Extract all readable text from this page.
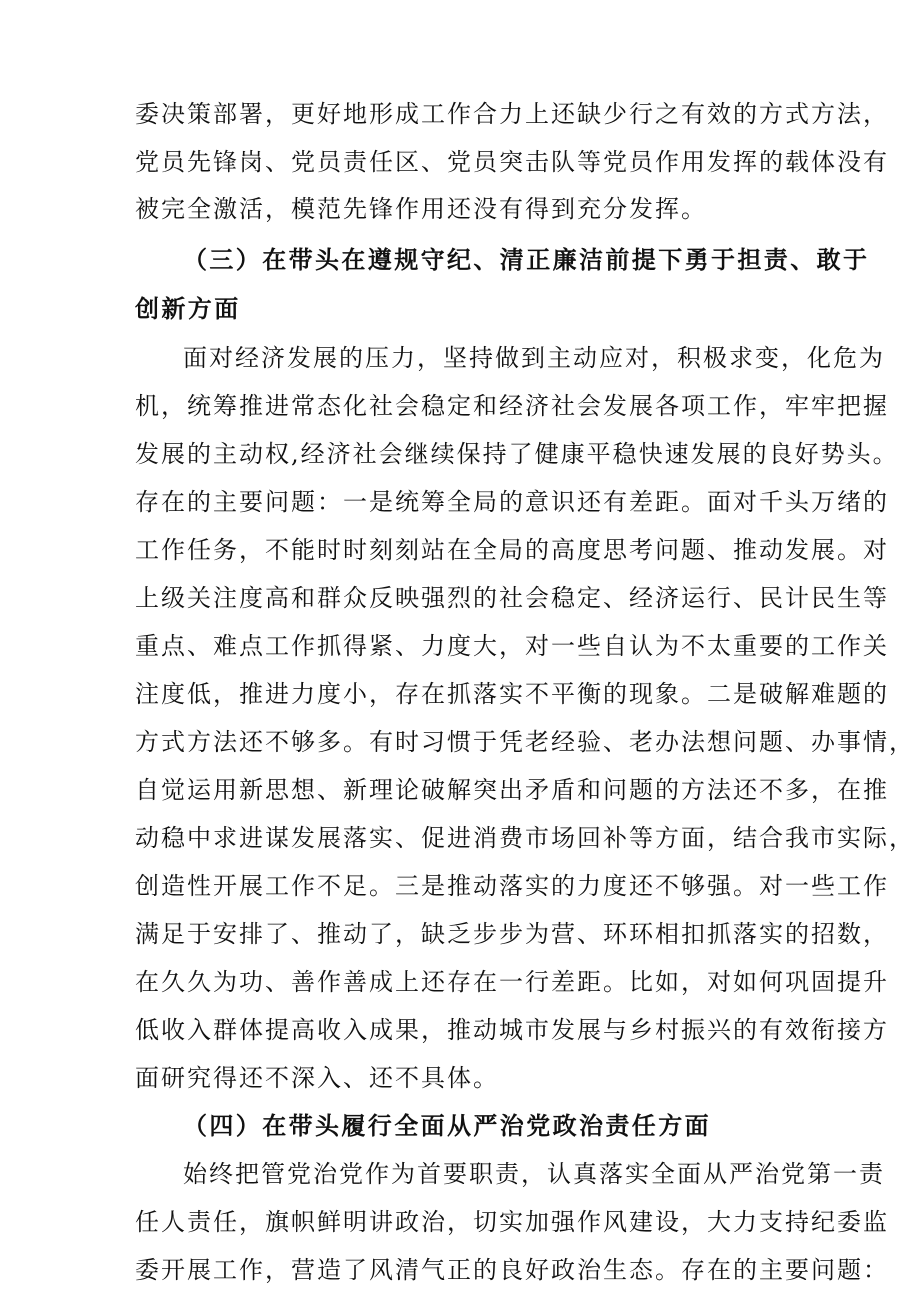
委决策部署，更好地形成工作合力上还缺少行之有效的方式方法，
党员先锋岗、党员责任区、党员突击队等党员作用发挥的载体没有
被完全激活，模范先锋作用还没有得到充分发挥。
（三）在带头在遵规守纪、清正廉洁前提下勇于担责、敢于
创新方面
面对经济发展的压力，坚持做到主动应对，积极求变，化危为
机，统筹推进常态化社会稳定和经济社会发展各项工作，牢牢把握
发展的主动权,经济社会继续保持了健康平稳快速发展的良好势头。
存在的主要问题：一是统筹全局的意识还有差距。面对千头万绪的
工作任务，不能时时刻刻站在全局的高度思考问题、推动发展。对
上级关注度高和群众反映强烈的社会稳定、经济运行、民计民生等
重点、难点工作抓得紧、力度大，对一些自认为不太重要的工作关
注度低，推进力度小，存在抓落实不平衡的现象。二是破解难题的
方式方法还不够多。有时习惯于凭老经验、老办法想问题、办事情，
自觉运用新思想、新理论破解突出矛盾和问题的方法还不多，在推
动稳中求进谋发展落实、促进消费市场回补等方面，结合我市实际，
创造性开展工作不足。三是推动落实的力度还不够强。对一些工作
满足于安排了、推动了，缺乏步步为营、环环相扣抓落实的招数，
在久久为功、善作善成上还存在一行差距。比如，对如何巩固提升
低收入群体提高收入成果，推动城市发展与乡村振兴的有效衔接方
面研究得还不深入、还不具体。
（四）在带头履行全面从严治党政治责任方面
始终把管党治党作为首要职责，认真落实全面从严治党第一责
任人责任，旗帜鲜明讲政治，切实加强作风建设，大力支持纪委监
委开展工作，营造了风清气正的良好政治生态。存在的主要问题：
